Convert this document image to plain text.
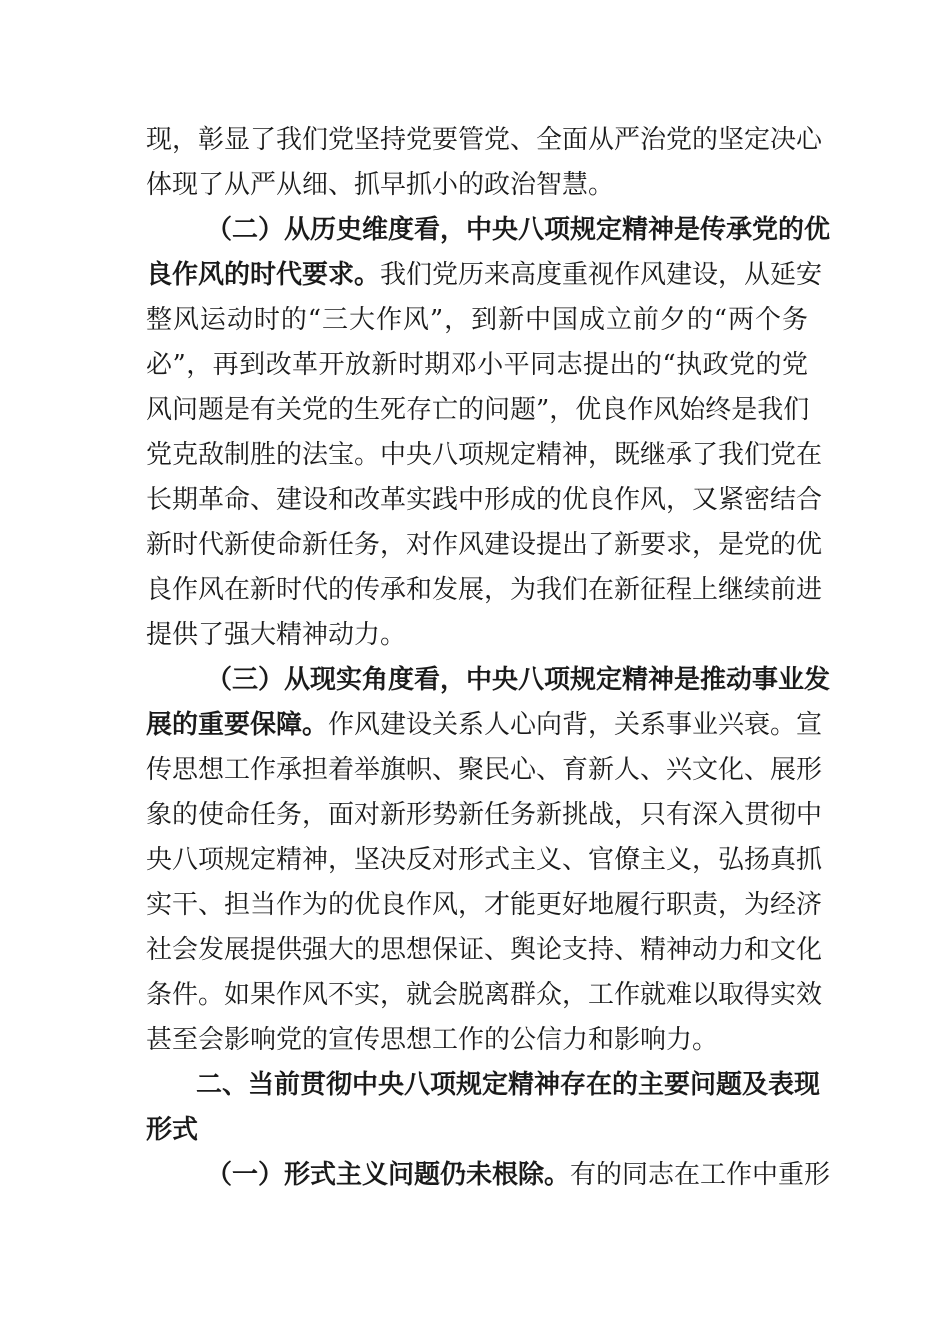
现，彰显了我们党坚持党要管党、全面从严治党的坚定决心
体现了从严从细、抓早抓小的政治智慧。
（二）从历史维度看，中央八项规定精神是传承党的优
良作风的时代要求。我们党历来高度重视作风建设，从延安
整风运动时的“三大作风”，到新中国成立前夕的“两个务
必”，再到改革开放新时期邓小平同志提出的“执政党的党
风问题是有关党的生死存亡的问题”，优良作风始终是我们
党克敌制胜的法宝。中央八项规定精神，既继承了我们党在
长期革命、建设和改革实践中形成的优良作风，又紧密结合
新时代新使命新任务，对作风建设提出了新要求，是党的优
良作风在新时代的传承和发展，为我们在新征程上继续前进
提供了强大精神动力。
（三）从现实角度看，中央八项规定精神是推动事业发
展的重要保障。作风建设关系人心向背，关系事业兴衰。宣
传思想工作承担着举旗帜、聚民心、育新人、兴文化、展形
象的使命任务，面对新形势新任务新挑战，只有深入贯彻中
央八项规定精神，坚决反对形式主义、官僚主义，弘扬真抓
实干、担当作为的优良作风，才能更好地履行职责，为经济
社会发展提供强大的思想保证、舆论支持、精神动力和文化
条件。如果作风不实，就会脱离群众，工作就难以取得实效
甚至会影响党的宣传思想工作的公信力和影响力。
二、当前贯彻中央八项规定精神存在的主要问题及表现
形式
（一）形式主义问题仍未根除。有的同志在工作中重形
